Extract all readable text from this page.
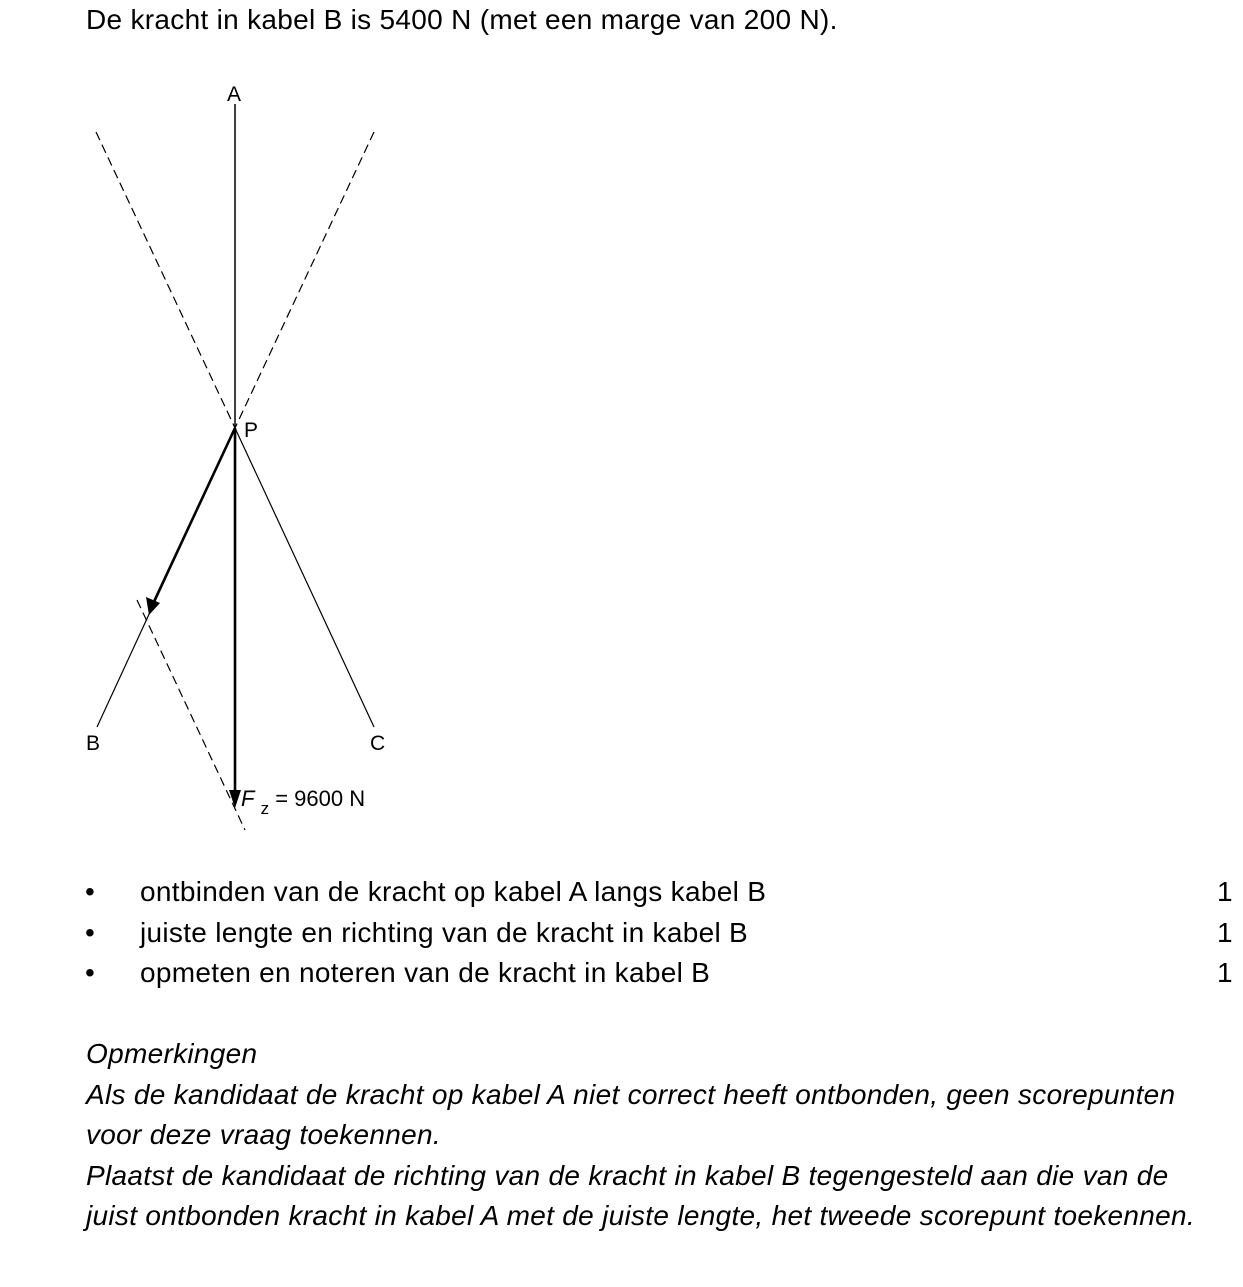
De kracht in kabel B is 5400 N (met een marge van 200 N).
A
P
B	C
F $_z$ = 9600 N
• ontbinden van de kracht op kabel A langs kabel B	1
• juiste lengte en richting van de kracht in kabel B	1
• opmeten en noteren van de kracht in kabel B	1

Opmerkingen

Als de kandidaat de kracht op kabel A niet correct heeft ontbonden, geen scorepunten voor deze vraag toekennen.

Plaatst de kandidaat de richting van de kracht in kabel B tegengesteld aan die van de juist ontbonden kracht in kabel A met de juiste lengte, het tweede scorepunt toekennen.
